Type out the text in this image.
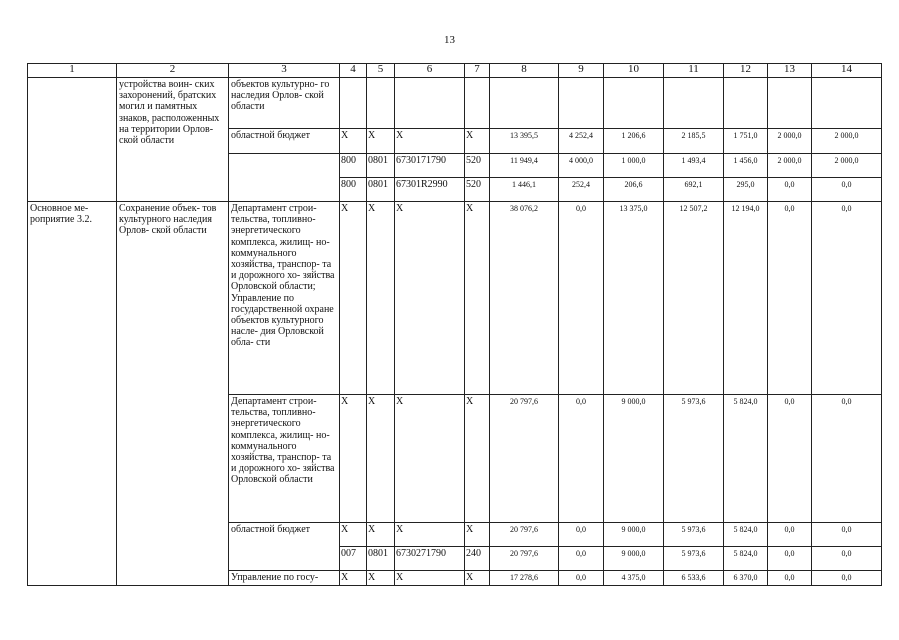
13
1	2	3	4	5	6	7	8	9	10	11	12	13	14
	устройства воин- ских захоронений, братских могил и памятных знаков, расположенных на территории Орлов- ской области	объектов культурно- го наследия Орлов- ской области											
		областной бюджет	X	X	X	X	13 395,5	4 252,4	1 206,6	2 185,5	1 751,0	2 000,0	2 000,0
			800	0801	6730171790	520	11 949,4	4 000,0	1 000,0	1 493,4	1 456,0	2 000,0	2 000,0
			800	0801	67301R2990	520	1 446,1	252,4	206,6	692,1	295,0	0,0	0,0
Основное ме- роприятие 3.2.	Сохранение объек- тов культурного наследия Орлов- ской области	Департамент строи- тельства, топливно- энергетического комплекса, жилищ- но-коммунального хозяйства, транспор- та и дорожного хо- зяйства Орловской области; Управление по государственной охране объектов культурного насле- дия Орловской обла- сти	X	X	X	X	38 076,2	0,0	13 375,0	12 507,2	12 194,0	0,0	0,0
		Департамент строи- тельства, топливно- энергетического комплекса, жилищ- но-коммунального хозяйства, транспор- та и дорожного хо- зяйства Орловской области	X	X	X	X	20 797,6	0,0	9 000,0	5 973,6	5 824,0	0,0	0,0
		областной бюджет	X	X	X	X	20 797,6	0,0	9 000,0	5 973,6	5 824,0	0,0	0,0
			007	0801	6730271790	240	20 797,6	0,0	9 000,0	5 973,6	5 824,0	0,0	0,0
		Управление по госу-	X	X	X	X	17 278,6	0,0	4 375,0	6 533,6	6 370,0	0,0	0,0
